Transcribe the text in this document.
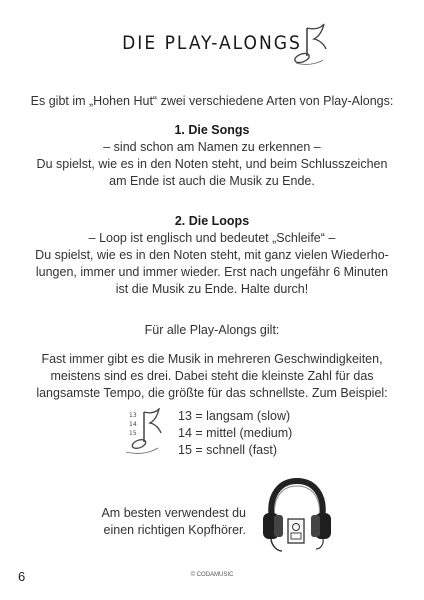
DIE PLAY-ALONGS
Es gibt im „Hohen Hut“ zwei verschiedene Arten von Play-Alongs:
1. Die Songs
– sind schon am Namen zu erkennen –
Du spielst, wie es in den Noten steht, und beim Schlusszeichen
am Ende ist auch die Musik zu Ende.
2. Die Loops
– Loop ist englisch und bedeutet „Schleife“ –
Du spielst, wie es in den Noten steht, mit ganz vielen Wiederho-
lungen, immer und immer wieder. Erst nach ungefähr 6 Minuten
ist die Musik zu Ende. Halte durch!
Für alle Play-Alongs gilt:
Fast immer gibt es die Musik in mehreren Geschwindigkeiten,
meistens sind es drei. Dabei steht die kleinste Zahl für das
langsamste Tempo, die größte für das schnellste. Zum Beispiel:
13
14
15
13 = langsam (slow)
14 = mittel (medium)
15 = schnell (fast)
Am besten verwendest du
einen richtigen Kopfhörer.
6	© CODAMUSIC
